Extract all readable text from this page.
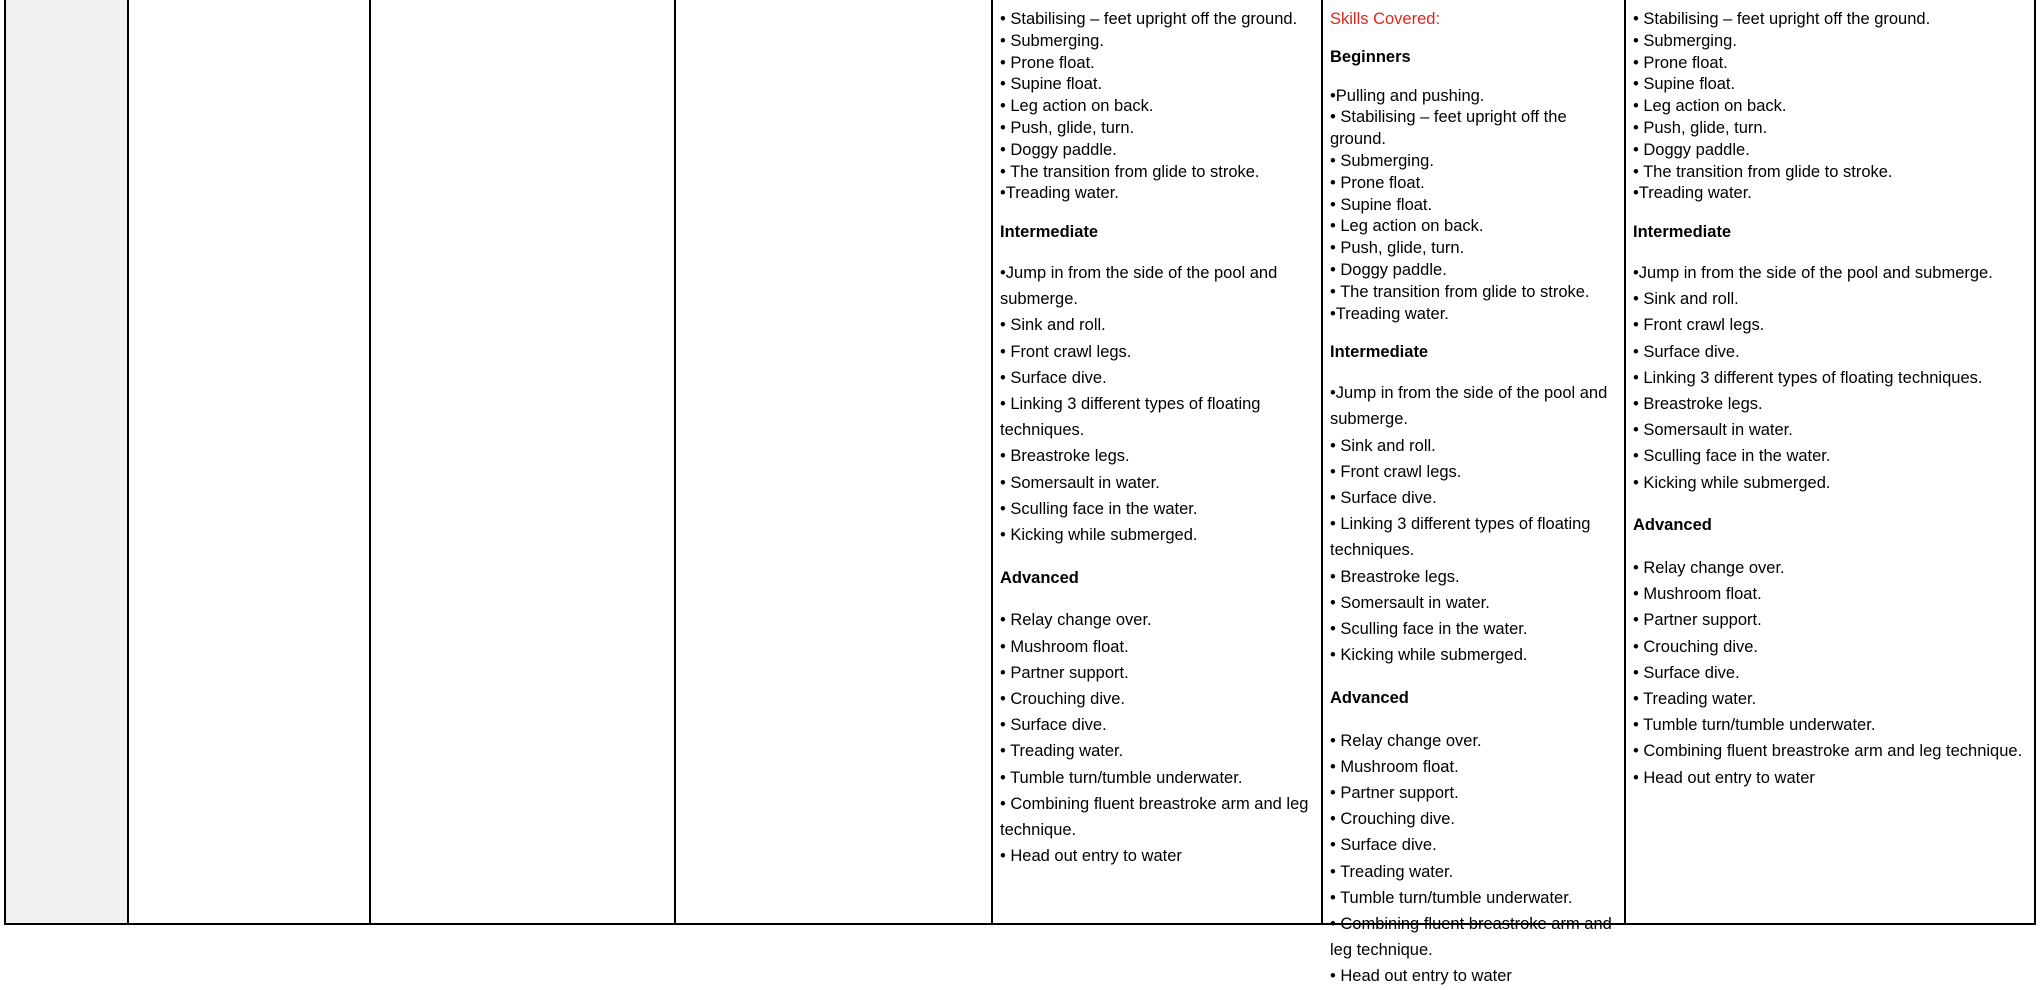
• Stabilising – feet upright off the ground.

• Submerging.

• Prone float.

• Supine float.

• Leg action on back.

• Push, glide, turn.

• Doggy paddle.

• The transition from glide to stroke.

•Treading water.

Intermediate

•Jump in from the side of the pool and submerge.

• Sink and roll.

• Front crawl legs.

• Surface dive.

• Linking 3 different types of floating techniques.

• Breastroke legs.

• Somersault in water.

• Sculling face in the water.

• Kicking while submerged.

Advanced

• Relay change over.

• Mushroom float.

• Partner support.

• Crouching dive.

• Surface dive.

• Treading water.

• Tumble turn/tumble underwater.

• Combining fluent breastroke arm and leg technique.

• Head out entry to water

Skills Covered:

Beginners

•Pulling and pushing.

• Stabilising – feet upright off the ground.

• Submerging.

• Prone float.

• Supine float.

• Leg action on back.

• Push, glide, turn.

• Doggy paddle.

• The transition from glide to stroke.

•Treading water.

Intermediate

•Jump in from the side of the pool and submerge.

• Sink and roll.

• Front crawl legs.

• Surface dive.

• Linking 3 different types of floating techniques.

• Breastroke legs.

• Somersault in water.

• Sculling face in the water.

• Kicking while submerged.

Advanced

• Relay change over.

• Mushroom float.

• Partner support.

• Crouching dive.

• Surface dive.

• Treading water.

• Tumble turn/tumble underwater.

• Combining fluent breastroke arm and leg technique.

• Head out entry to water

• Stabilising – feet upright off the ground.

• Submerging.

• Prone float.

• Supine float.

• Leg action on back.

• Push, glide, turn.

• Doggy paddle.

• The transition from glide to stroke.

•Treading water.

Intermediate

•Jump in from the side of the pool and submerge.

• Sink and roll.

• Front crawl legs.

• Surface dive.

• Linking 3 different types of floating techniques.

• Breastroke legs.

• Somersault in water.

• Sculling face in the water.

• Kicking while submerged.

Advanced

• Relay change over.

• Mushroom float.

• Partner support.

• Crouching dive.

• Surface dive.

• Treading water.

• Tumble turn/tumble underwater.

• Combining fluent breastroke arm and leg technique.

• Head out entry to water
